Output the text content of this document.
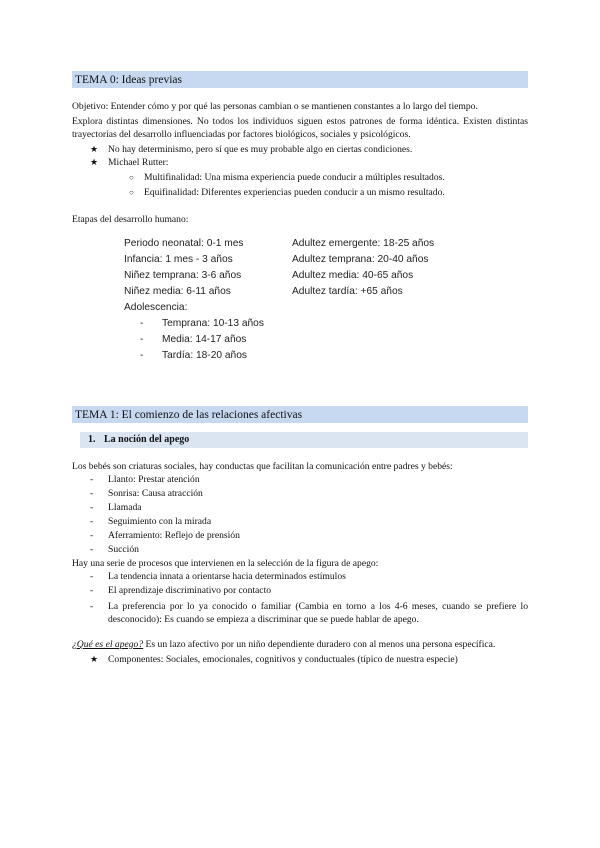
TEMA 0: Ideas previas

Objetivo: Entender cómo y por qué las personas cambian o se mantienen constantes a lo largo del tiempo.

Explora distintas dimensiones. No todos los individuos siguen estos patrones de forma idéntica. Existen distintas trayectorias del desarrollo influenciadas por factores biológicos, sociales y psicológicos.

★ No hay determinismo, pero sí que es muy probable algo en ciertas condiciones.
★ Michael Rutter:
○ Multifinalidad: Una misma experiencia puede conducir a múltiples resultados.
○ Equifinalidad: Diferentes experiencias pueden conducir a un mismo resultado.

Etapas del desarrollo humano:

Periodo neonatal: 0-1 mes
Infancia: 1 mes - 3 años
Niñez temprana: 3-6 años
Niñez media: 6-11 años
Adolescencia:
- Temprana: 10-13 años
- Media: 14-17 años
- Tardía: 18-20 años
Adultez emergente: 18-25 años
Adultez temprana: 20-40 años
Adultez media: 40-65 años
Adultez tardía: +65 años
TEMA 1: El comienzo de las relaciones afectivas
1. La noción del apego

Los bebés son criaturas sociales, hay conductas que facilitan la comunicación entre padres y bebés:

- Llanto: Prestar atención
- Sonrisa: Causa atracción
- Llamada
- Seguimiento con la mirada
- Aferramiento: Reflejo de prensión
- Succión

Hay una serie de procesos que intervienen en la selección de la figura de apego:

- La tendencia innata a orientarse hacia determinados estímulos
- El aprendizaje discriminativo por contacto
- La preferencia por lo ya conocido o familiar (Cambia en torno a los 4-6 meses, cuando se prefiere lo desconocido): Es cuando se empieza a discriminar que se puede hablar de apego.

¿Qué es el apego? Es un lazo afectivo por un niño dependiente duradero con al menos una persona específica.

★ Componentes: Sociales, emocionales, cognitivos y conductuales (típico de nuestra especie)
